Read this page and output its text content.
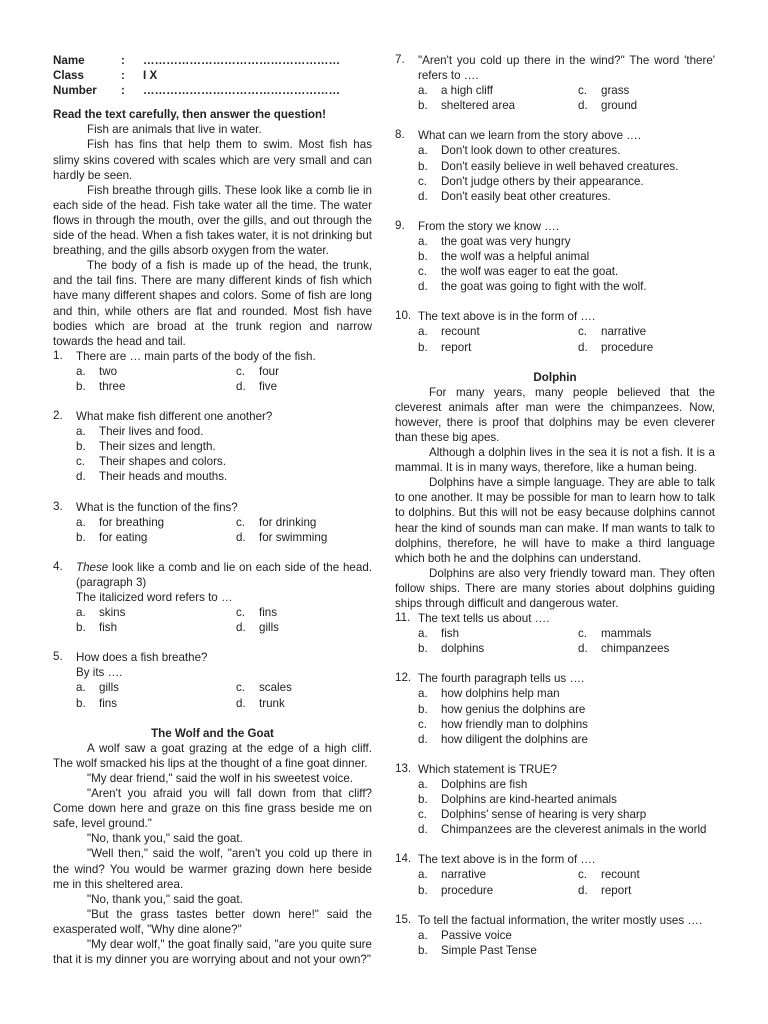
Name	: ……………………………………………
Class	: I X
Number : ……………………………………………
Read the text carefully, then answer the question!
Fish are animals that live in water.
Fish has fins that help them to swim. Most fish has slimy skins covered with scales which are very small and can hardly be seen.
Fish breathe through gills. These look like a comb lie in each side of the head. Fish take water all the time. The water flows in through the mouth, over the gills, and out through the side of the head. When a fish takes water, it is not drinking but breathing, and the gills absorb oxygen from the water.
The body of a fish is made up of the head, the trunk, and the tail fins. There are many different kinds of fish which have many different shapes and colors. Some of fish are long and thin, while others are flat and rounded. Most fish have bodies which are broad at the trunk region and narrow towards the head and tail.
1.	There are … main parts of the body of the fish.
a. two	c. four
b. three	d. five
2.	What make fish different one another?
a. Their lives and food.
b. Their sizes and length.
c. Their shapes and colors.
d. Their heads and mouths.
3.	What is the function of the fins?
a. for breathing	c. for drinking
b. for eating	d. for swimming
4.	These look like a comb and lie on each side of the head. (paragraph 3)
The italicized word refers to …
a. skins	c. fins
b. fish	d. gills
5.	How does a fish breathe?
By its ….
a. gills	c. scales
b. fins	d. trunk
The Wolf and the Goat
A wolf saw a goat grazing at the edge of a high cliff. The wolf smacked his lips at the thought of a fine goat dinner.
"My dear friend," said the wolf in his sweetest voice.
"Aren't you afraid you will fall down from that cliff? Come down here and graze on this fine grass beside me on safe, level ground."
"No, thank you," said the goat.
"Well then," said the wolf, "aren't you cold up there in the wind? You would be warmer grazing down here beside me in this sheltered area.
"No, thank you," said the goat.
"But the grass tastes better down here!" said the exasperated wolf, "Why dine alone?"
"My dear wolf," the goat finally said, "are you quite sure that it is my dinner you are worrying about and not your own?"
7.	"Aren't you cold up there in the wind?" The word 'there' refers to ….
a. a high cliff	c. grass
b. sheltered area	d. ground
8.	What can we learn from the story above ….
a. Don't look down to other creatures.
b. Don't easily believe in well behaved creatures.
c. Don't judge others by their appearance.
d. Don't easily beat other creatures.
9.	From the story we know ….
a. the goat was very hungry
b. the wolf was a helpful animal
c. the wolf was eager to eat the goat.
d. the goat was going to fight with the wolf.
10. The text above is in the form of ….
a. recount	c. narrative
b. report	d. procedure
Dolphin
For many years, many people believed that the cleverest animals after man were the chimpanzees. Now, however, there is proof that dolphins may be even cleverer than these big apes.
Although a dolphin lives in the sea it is not a fish. It is a mammal. It is in many ways, therefore, like a human being.
Dolphins have a simple language. They are able to talk to one another. It may be possible for man to learn how to talk to dolphins. But this will not be easy because dolphins cannot hear the kind of sounds man can make. If man wants to talk to dolphins, therefore, he will have to make a third language which both he and the dolphins can understand.
Dolphins are also very friendly toward man. They often follow ships. There are many stories about dolphins guiding ships through difficult and dangerous water.
11. The text tells us about ….
a. fish	c. mammals
b. dolphins	d. chimpanzees
12. The fourth paragraph tells us ….
a. how dolphins help man
b. how genius the dolphins are
c. how friendly man to dolphins
d. how diligent the dolphins are
13. Which statement is TRUE?
a. Dolphins are fish
b. Dolphins are kind-hearted animals
c. Dolphins' sense of hearing is very sharp
d. Chimpanzees are the cleverest animals in the world
14. The text above is in the form of ….
a. narrative	c. recount
b. procedure	d. report
15. To tell the factual information, the writer mostly uses ….
a. Passive voice
b. Simple Past Tense
